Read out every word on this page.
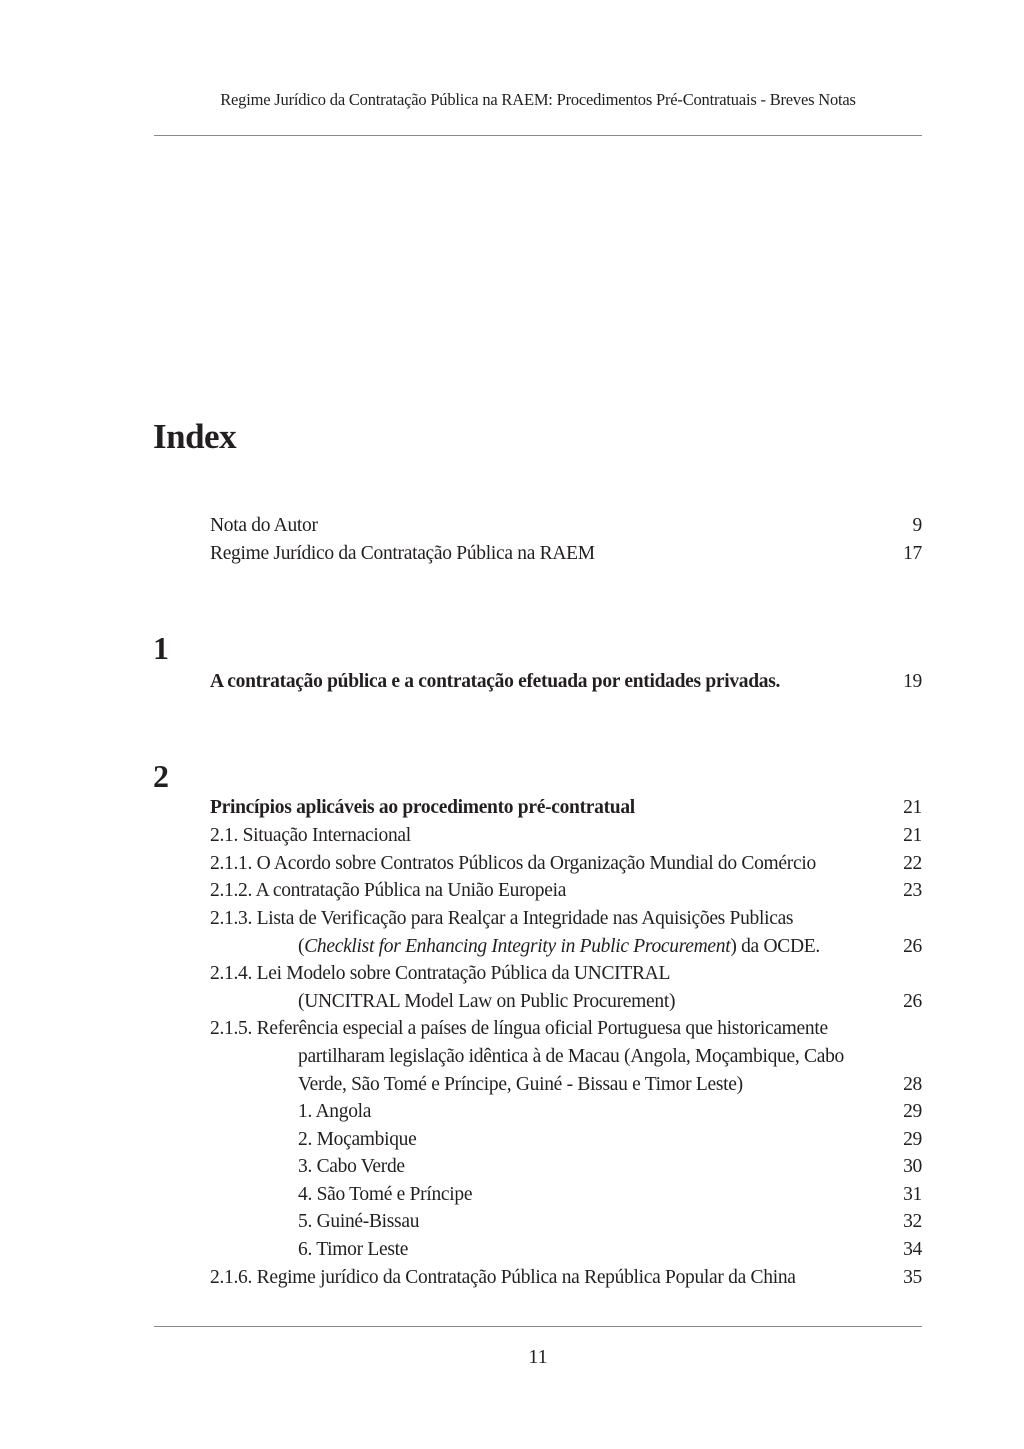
Regime Jurídico da Contratação Pública na RAEM: Procedimentos Pré-Contratuais - Breves Notas
Index
Nota do Autor	9
Regime Jurídico da Contratação Pública na RAEM	17
1
A contratação pública e a contratação efetuada por entidades privadas.	19
2
Princípios aplicáveis ao procedimento pré-contratual	21
2.1. Situação Internacional	21
2.1.1. O Acordo sobre Contratos Públicos da Organização Mundial do Comércio	22
2.1.2. A contratação Pública na União Europeia	23
2.1.3. Lista de Verificação para Realçar a Integridade nas Aquisições Publicas
(Checklist for Enhancing Integrity in Public Procurement) da OCDE.	26
2.1.4. Lei Modelo sobre Contratação Pública da UNCITRAL
(UNCITRAL Model Law on Public Procurement)	26
2.1.5. Referência especial a países de língua oficial Portuguesa que historicamente
partilharam legislação idêntica à de Macau (Angola, Moçambique, Cabo
Verde, São Tomé e Príncipe, Guiné - Bissau e Timor Leste)	28
1. Angola	29
2. Moçambique	29
3. Cabo Verde	30
4. São Tomé e Príncipe	31
5. Guiné-Bissau	32
6. Timor Leste	34
2.1.6. Regime jurídico da Contratação Pública na República Popular da China	35
11
